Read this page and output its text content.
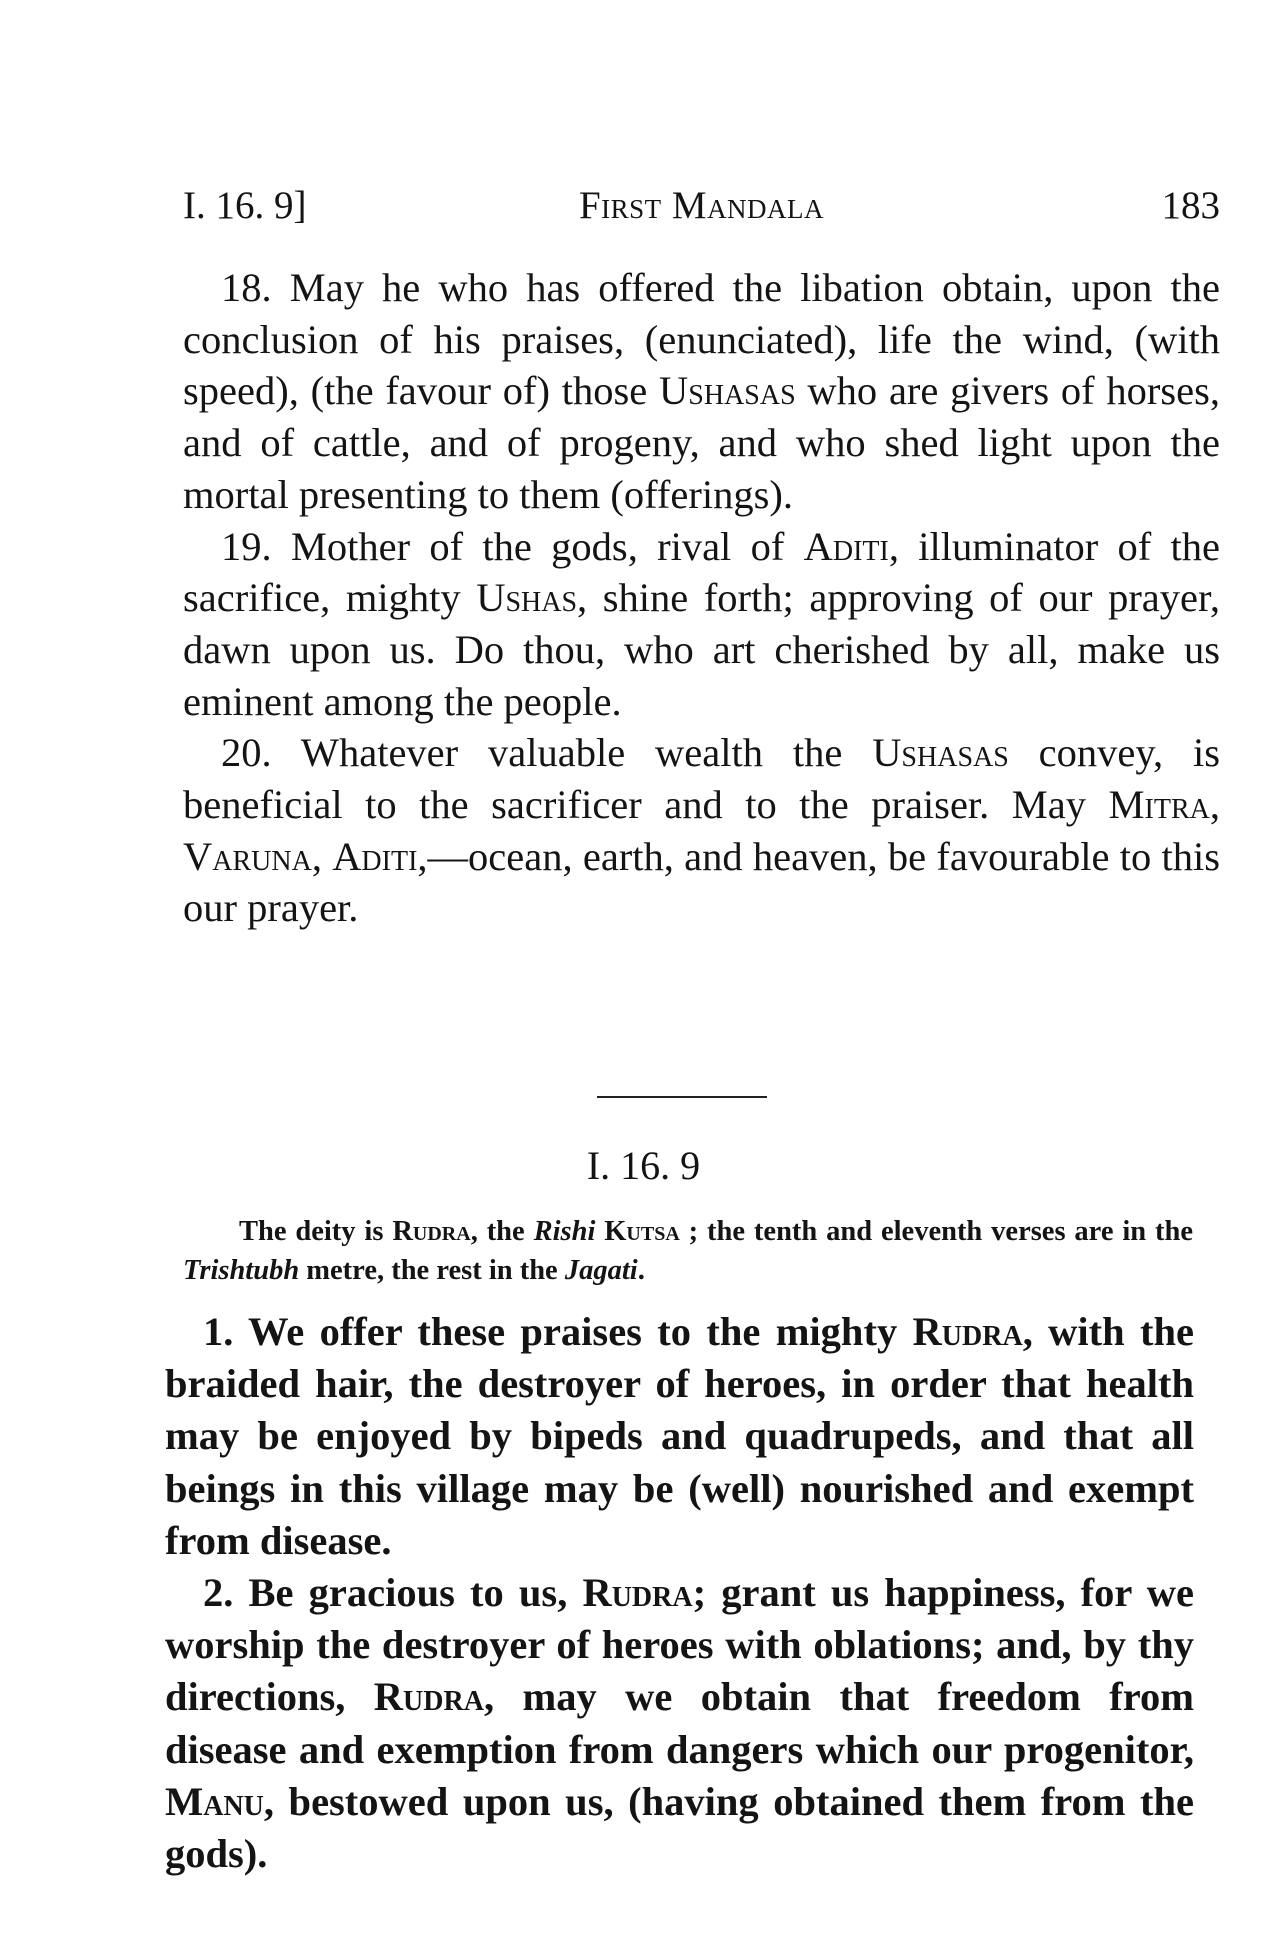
I. 16. 9]	First Mandala	183

18. May he who has offered the libation obtain, upon the conclusion of his praises, (enunciated), life the wind, (with speed), (the favour of) those Ushasas who are givers of horses, and of cattle, and of progeny, and who shed light upon the mortal presenting to them (offerings).

19. Mother of the gods, rival of Aditi, illuminator of the sacrifice, mighty Ushas, shine forth; approving of our prayer, dawn upon us. Do thou, who art cherished by all, make us eminent among the people.

20. Whatever valuable wealth the Ushasas convey, is beneficial to the sacrificer and to the praiser. May Mitra, Varuna, Aditi,—ocean, earth, and heaven, be favourable to this our prayer.

I. 16. 9

The deity is Rudra, the Rishi Kutsa ; the tenth and eleventh verses are in the Trishtubh metre, the rest in the Jagati.

1. We offer these praises to the mighty Rudra, with the braided hair, the destroyer of heroes, in order that health may be enjoyed by bipeds and quadrupeds, and that all beings in this village may be (well) nourished and exempt from disease.

2. Be gracious to us, Rudra; grant us happiness, for we worship the destroyer of heroes with oblations; and, by thy directions, Rudra, may we obtain that freedom from disease and exemption from dangers which our progenitor, Manu, bestowed upon us, (having obtained them from the gods).
